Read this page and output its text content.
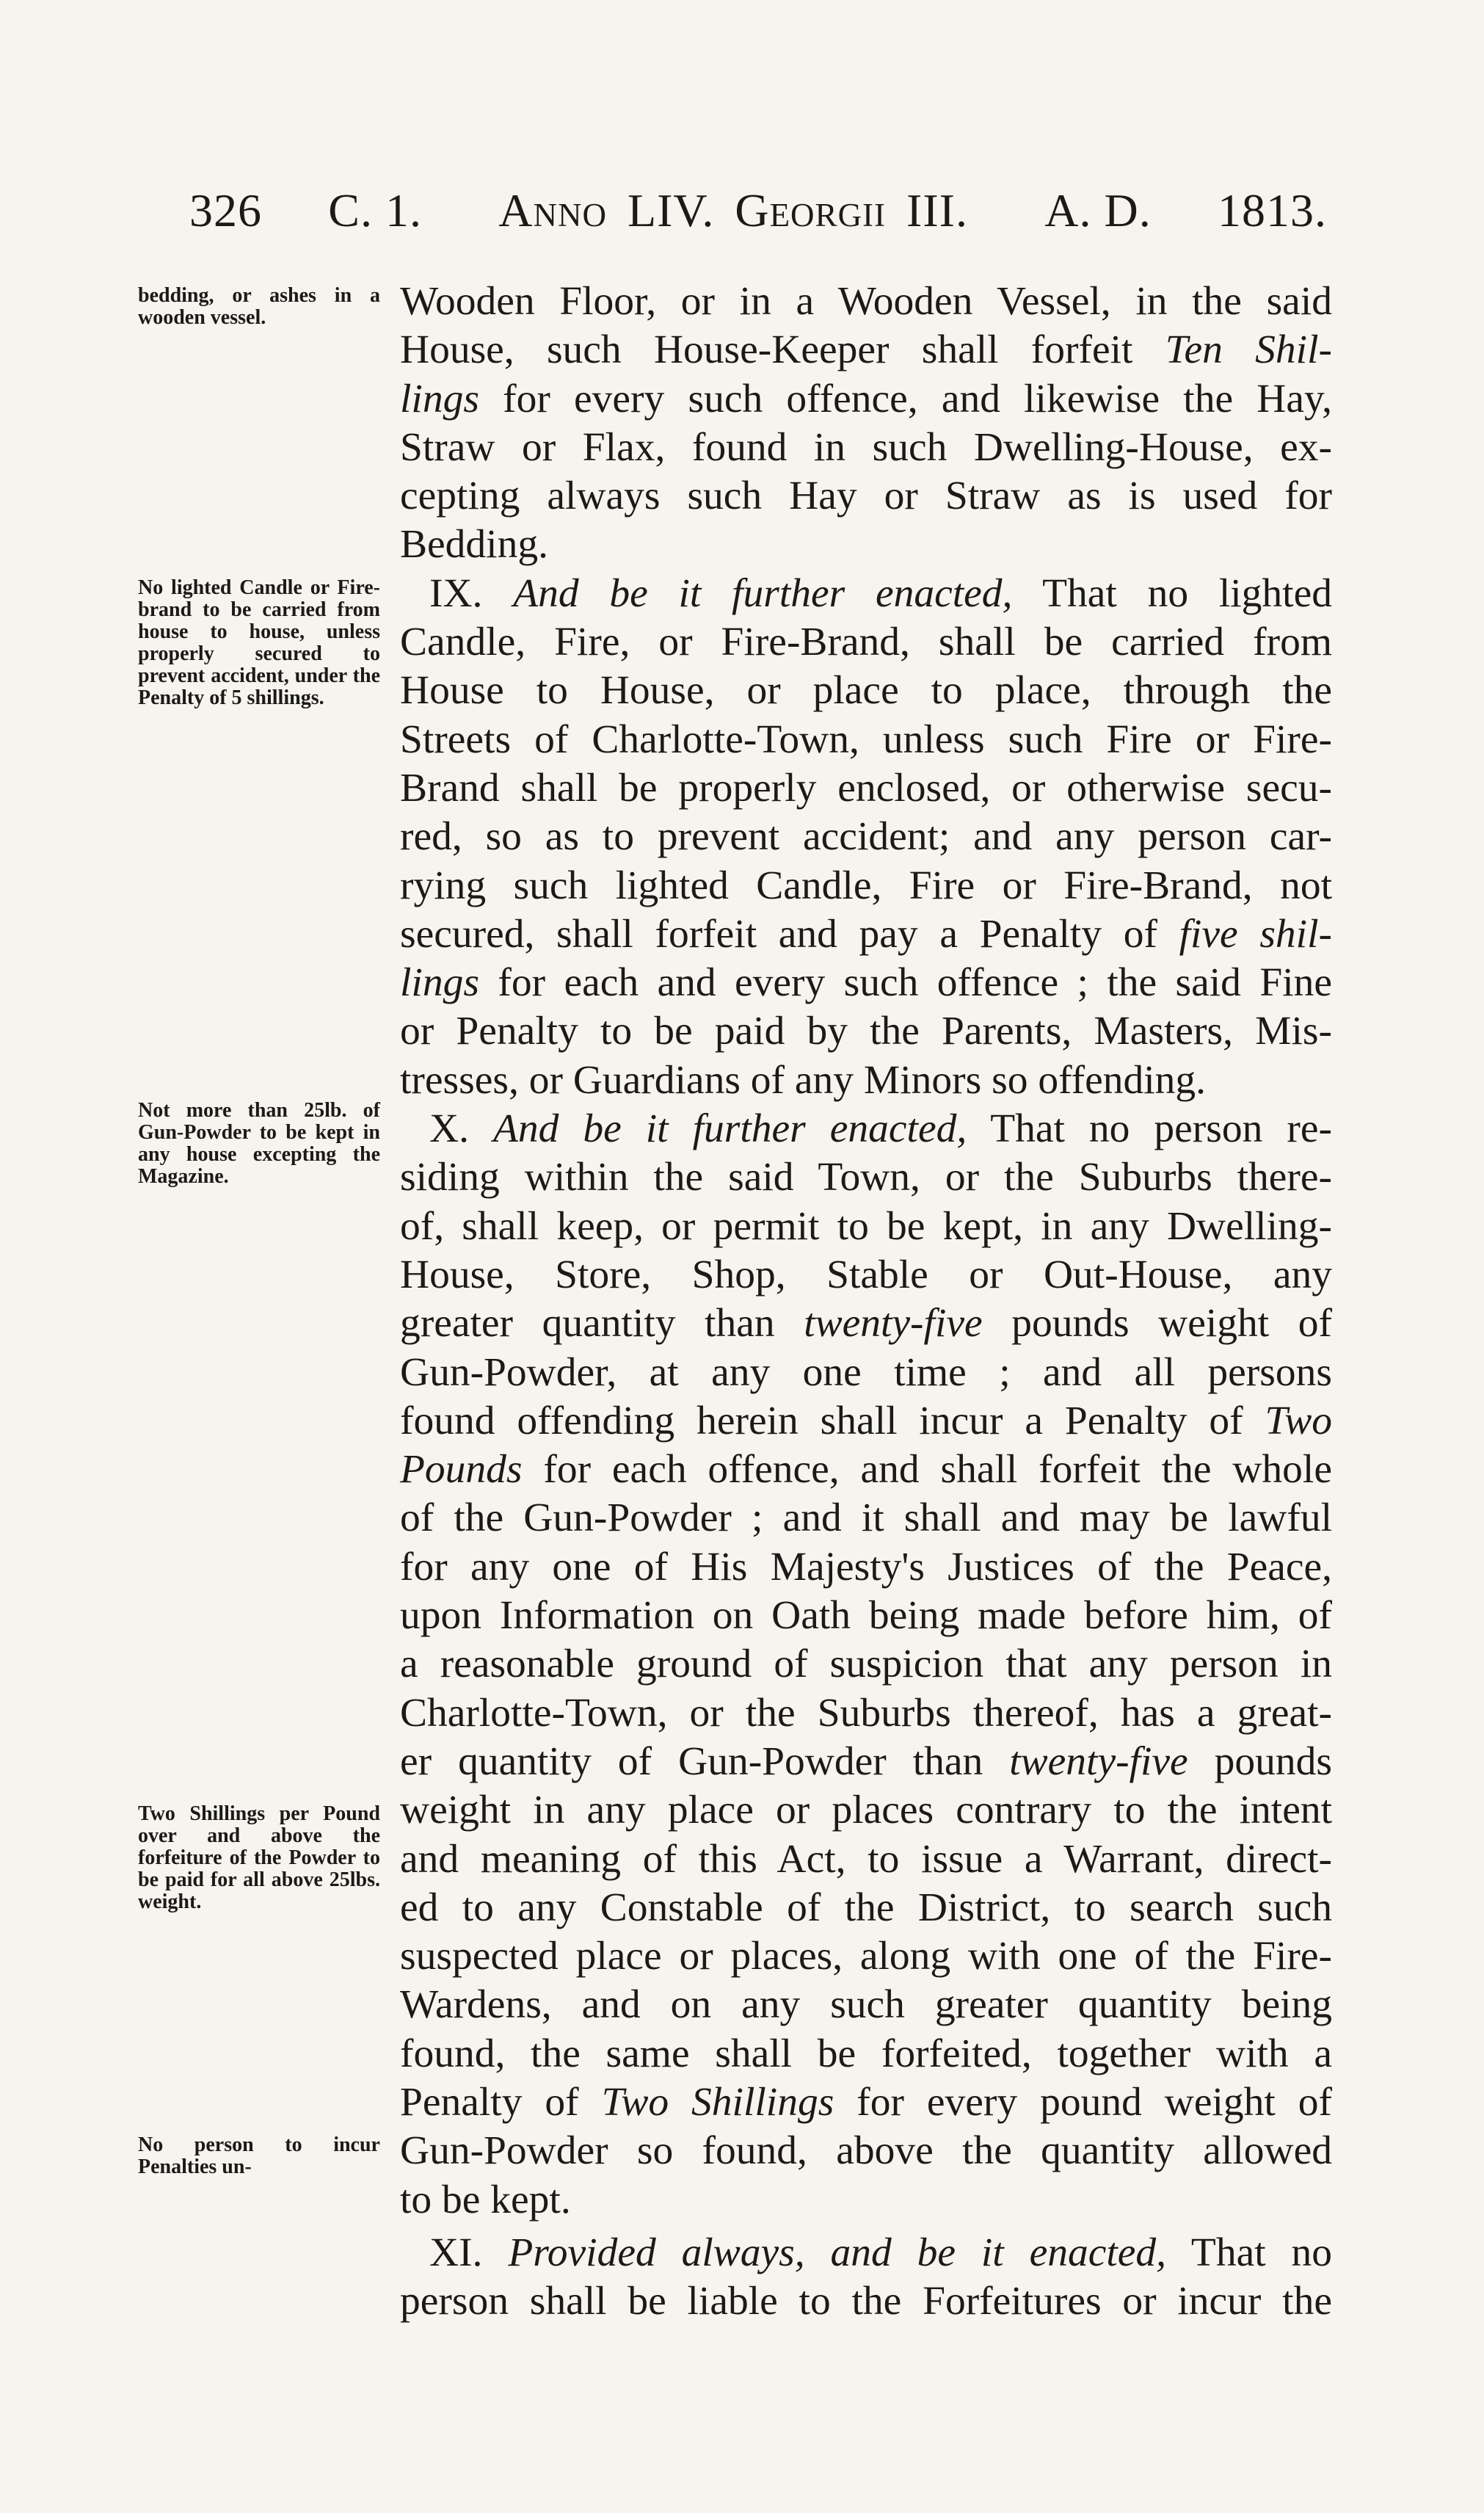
326 C. 1. Anno LIV. Georgii III. A. D. 1813.
bedding, or ashes in a wooden vessel.
No lighted Candle or Fire-brand to be carried from house to house, unless properly secured to prevent accident, under the Penalty of 5 shillings.
Not more than 25lb. of Gun-Powder to be kept in any house excepting the Magazine.
Two Shillings per Pound over and above the forfeiture of the Powder to be paid for all above 25lbs. weight.
No person to incur Penalties un-

Wooden Floor, or in a Wooden Vessel, in the said

House, such House-Keeper shall forfeit Ten Shil-

lings for every such offence, and likewise the Hay,

Straw or Flax, found in such Dwelling-House, ex-

cepting always such Hay or Straw as is used for

Bedding.

IX. And be it further enacted, That no lighted

Candle, Fire, or Fire-Brand, shall be carried from

House to House, or place to place, through the

Streets of Charlotte-Town, unless such Fire or Fire-

Brand shall be properly enclosed, or otherwise secu-

red, so as to prevent accident; and any person car-

rying such lighted Candle, Fire or Fire-Brand, not

secured, shall forfeit and pay a Penalty of five shil-

lings for each and every such offence ; the said Fine

or Penalty to be paid by the Parents, Masters, Mis-

tresses, or Guardians of any Minors so offending.

X. And be it further enacted, That no person re-

siding within the said Town, or the Suburbs there-

of, shall keep, or permit to be kept, in any Dwelling-

House, Store, Shop, Stable or Out-House, any

greater quantity than twenty-five pounds weight of

Gun-Powder, at any one time ; and all persons

found offending herein shall incur a Penalty of Two

Pounds for each offence, and shall forfeit the whole

of the Gun-Powder ; and it shall and may be lawful

for any one of His Majesty's Justices of the Peace,

upon Information on Oath being made before him, of

a reasonable ground of suspicion that any person in

Charlotte-Town, or the Suburbs thereof, has a great-

er quantity of Gun-Powder than twenty-five pounds

weight in any place or places contrary to the intent

and meaning of this Act, to issue a Warrant, direct-

ed to any Constable of the District, to search such

suspected place or places, along with one of the Fire-

Wardens, and on any such greater quantity being

found, the same shall be forfeited, together with a

Penalty of Two Shillings for every pound weight of

Gun-Powder so found, above the quantity allowed

to be kept.

XI. Provided always, and be it enacted, That no

person shall be liable to the Forfeitures or incur the
